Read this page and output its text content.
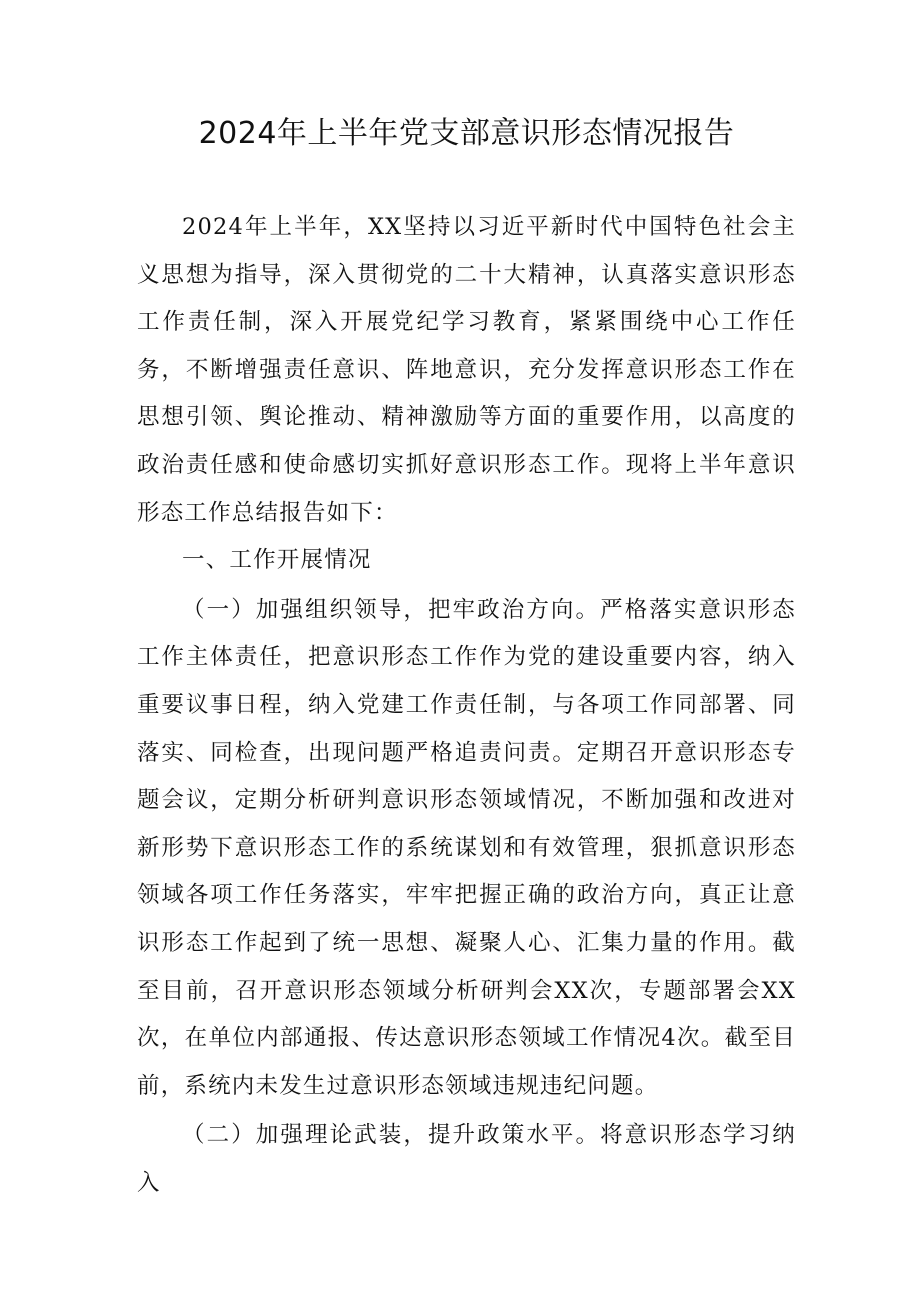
2024年上半年党支部意识形态情况报告

2024年上半年，XX坚持以习近平新时代中国特色社会主义思想为指导，深入贯彻党的二十大精神，认真落实意识形态工作责任制，深入开展党纪学习教育，紧紧围绕中心工作任务，不断增强责任意识、阵地意识，充分发挥意识形态工作在思想引领、舆论推动、精神激励等方面的重要作用，以高度的政治责任感和使命感切实抓好意识形态工作。现将上半年意识形态工作总结报告如下：

一、工作开展情况

（一）加强组织领导，把牢政治方向。严格落实意识形态工作主体责任，把意识形态工作作为党的建设重要内容，纳入重要议事日程，纳入党建工作责任制，与各项工作同部署、同落实、同检查，出现问题严格追责问责。定期召开意识形态专题会议，定期分析研判意识形态领域情况，不断加强和改进对新形势下意识形态工作的系统谋划和有效管理，狠抓意识形态领域各项工作任务落实，牢牢把握正确的政治方向，真正让意识形态工作起到了统一思想、凝聚人心、汇集力量的作用。截至目前，召开意识形态领域分析研判会XX次，专题部署会XX次，在单位内部通报、传达意识形态领域工作情况4次。截至目前，系统内未发生过意识形态领域违规违纪问题。

（二）加强理论武装，提升政策水平。将意识形态学习纳入
